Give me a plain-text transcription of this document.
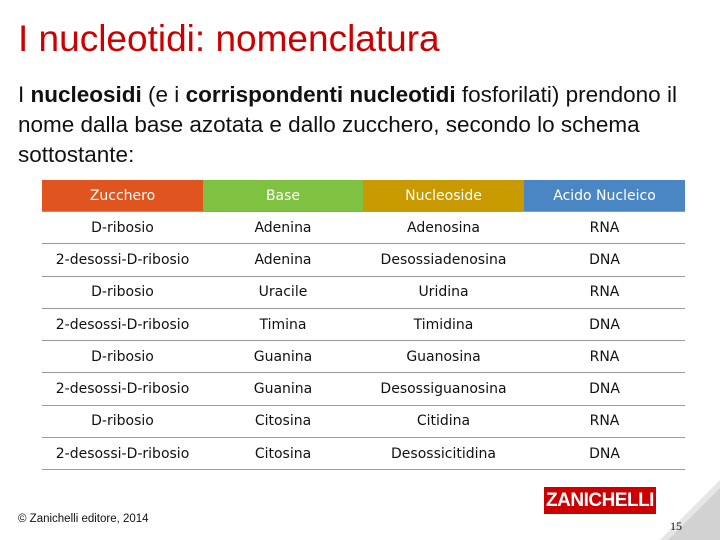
I nucleotidi: nomenclatura
I nucleosidi (e i corrispondenti nucleotidi fosforilati) prendono il nome dalla base azotata e dallo zucchero, secondo lo schema sottostante:
Zucchero	Base	Nucleoside	Acido Nucleico
D-ribosio	Adenina	Adenosina	RNA
2-desossi-D-ribosio	Adenina	Desossiadenosina	DNA
D-ribosio	Uracile	Uridina	RNA
2-desossi-D-ribosio	Timina	Timidina	DNA
D-ribosio	Guanina	Guanosina	RNA
2-desossi-D-ribosio	Guanina	Desossiguanosina	DNA
D-ribosio	Citosina	Citidina	RNA
2-desossi-D-ribosio	Citosina	Desossicitidina	DNA
© Zanichelli editore, 2014
ZANICHELLI
15
